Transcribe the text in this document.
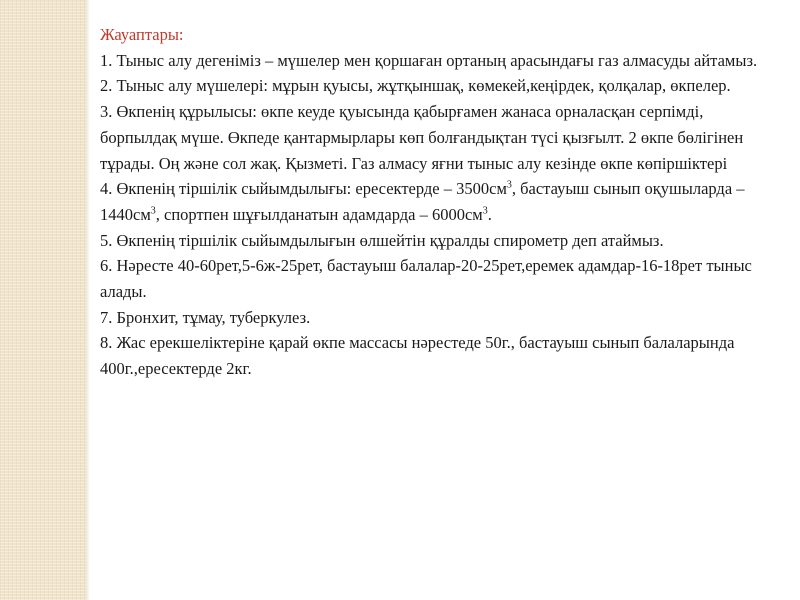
Жауаптары:

1. Тыныс алу дегеніміз – мүшелер мен қоршаған ортаның арасындағы газ алмасуды айтамыз.

2. Тыныс алу мүшелері: мұрын қуысы, жұтқыншақ, көмекей,кеңірдек, қолқалар, өкпелер.

3. Өкпенің құрылысы: өкпе кеуде қуысында қабырғамен жанаса орналасқан серпімді, борпылдақ мүше. Өкпеде қантармырлары көп болғандықтан түсі қызғылт. 2 өкпе бөлігінен тұрады. Оң және сол жақ. Қызметі. Газ алмасу яғни тыныс алу кезінде өкпе көпіршіктері

4. Өкпенің тіршілік сыйымдылығы: ересектерде – $3500см^3$, бастауыш сынып оқушыларда – $1440см^3$, спортпен шұғылданатын адамдарда – $6000см^3$.

5. Өкпенің тіршілік сыйымдылығын өлшейтін құралды спирометр деп атаймыз.

6. Нәресте 40-60рет,5-6ж-25рет, бастауыш балалар-20-25рет,еремек адамдар-16-18рет тыныс алады.

7. Бронхит, тұмау, туберкулез.

8. Жас ерекшеліктеріне қарай өкпе массасы нәрестеде 50г., бастауыш сынып балаларында 400г.,ересектерде 2кг.
